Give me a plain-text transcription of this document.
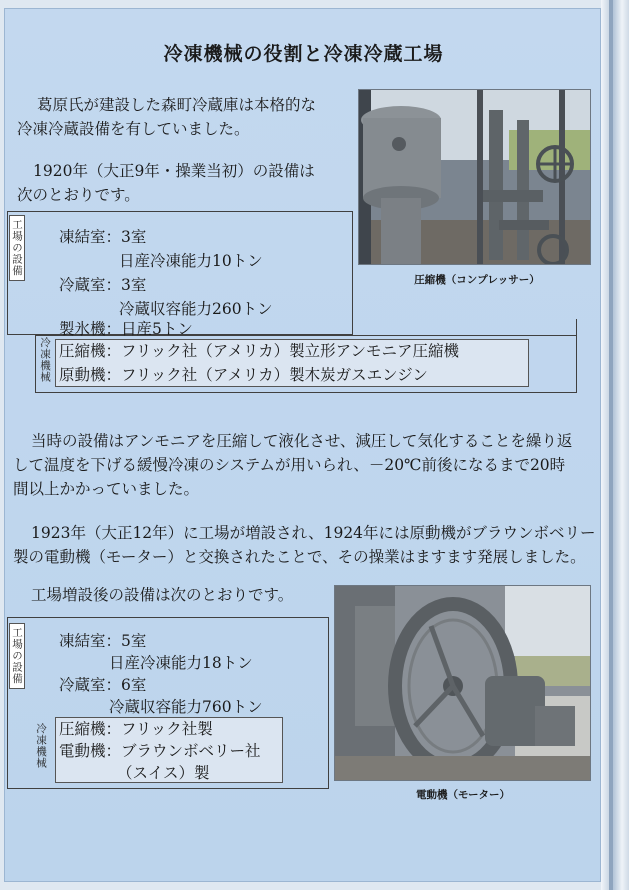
冷凍機械の役割と冷凍冷蔵工場
葛原氏が建設した森町冷蔵庫は本格的な
冷凍冷蔵設備を有していました。
1920年（大正9年・操業当初）の設備は
次のとおりです。
圧縮機（コンプレッサー）
工場の設備
冷凍機械
凍結室：3室
日産冷凍能力10トン
冷蔵室：3室
冷蔵収容能力260トン
製氷機：日産5トン
圧縮機：フリック社（アメリカ）製立形アンモニア圧縮機
原動機：フリック社（アメリカ）製木炭ガスエンジン
当時の設備はアンモニアを圧縮して液化させ、減圧して気化することを繰り返
して温度を下げる緩慢冷凍のシステムが用いられ、－20℃前後になるまで20時
間以上かかっていました。
1923年（大正12年）に工場が増設され、1924年には原動機がブラウンボベリー
製の電動機（モーター）と交換されたことで、その操業はますます発展しました。
工場増設後の設備は次のとおりです。
電動機（モーター）
工場の設備 凍結室：5室
日産冷凍能力18トン
冷蔵室：6室
冷蔵収容能力760トン
冷凍機械 圧縮機：フリック社製
電動機：ブラウンボベリー社
（スイス）製
